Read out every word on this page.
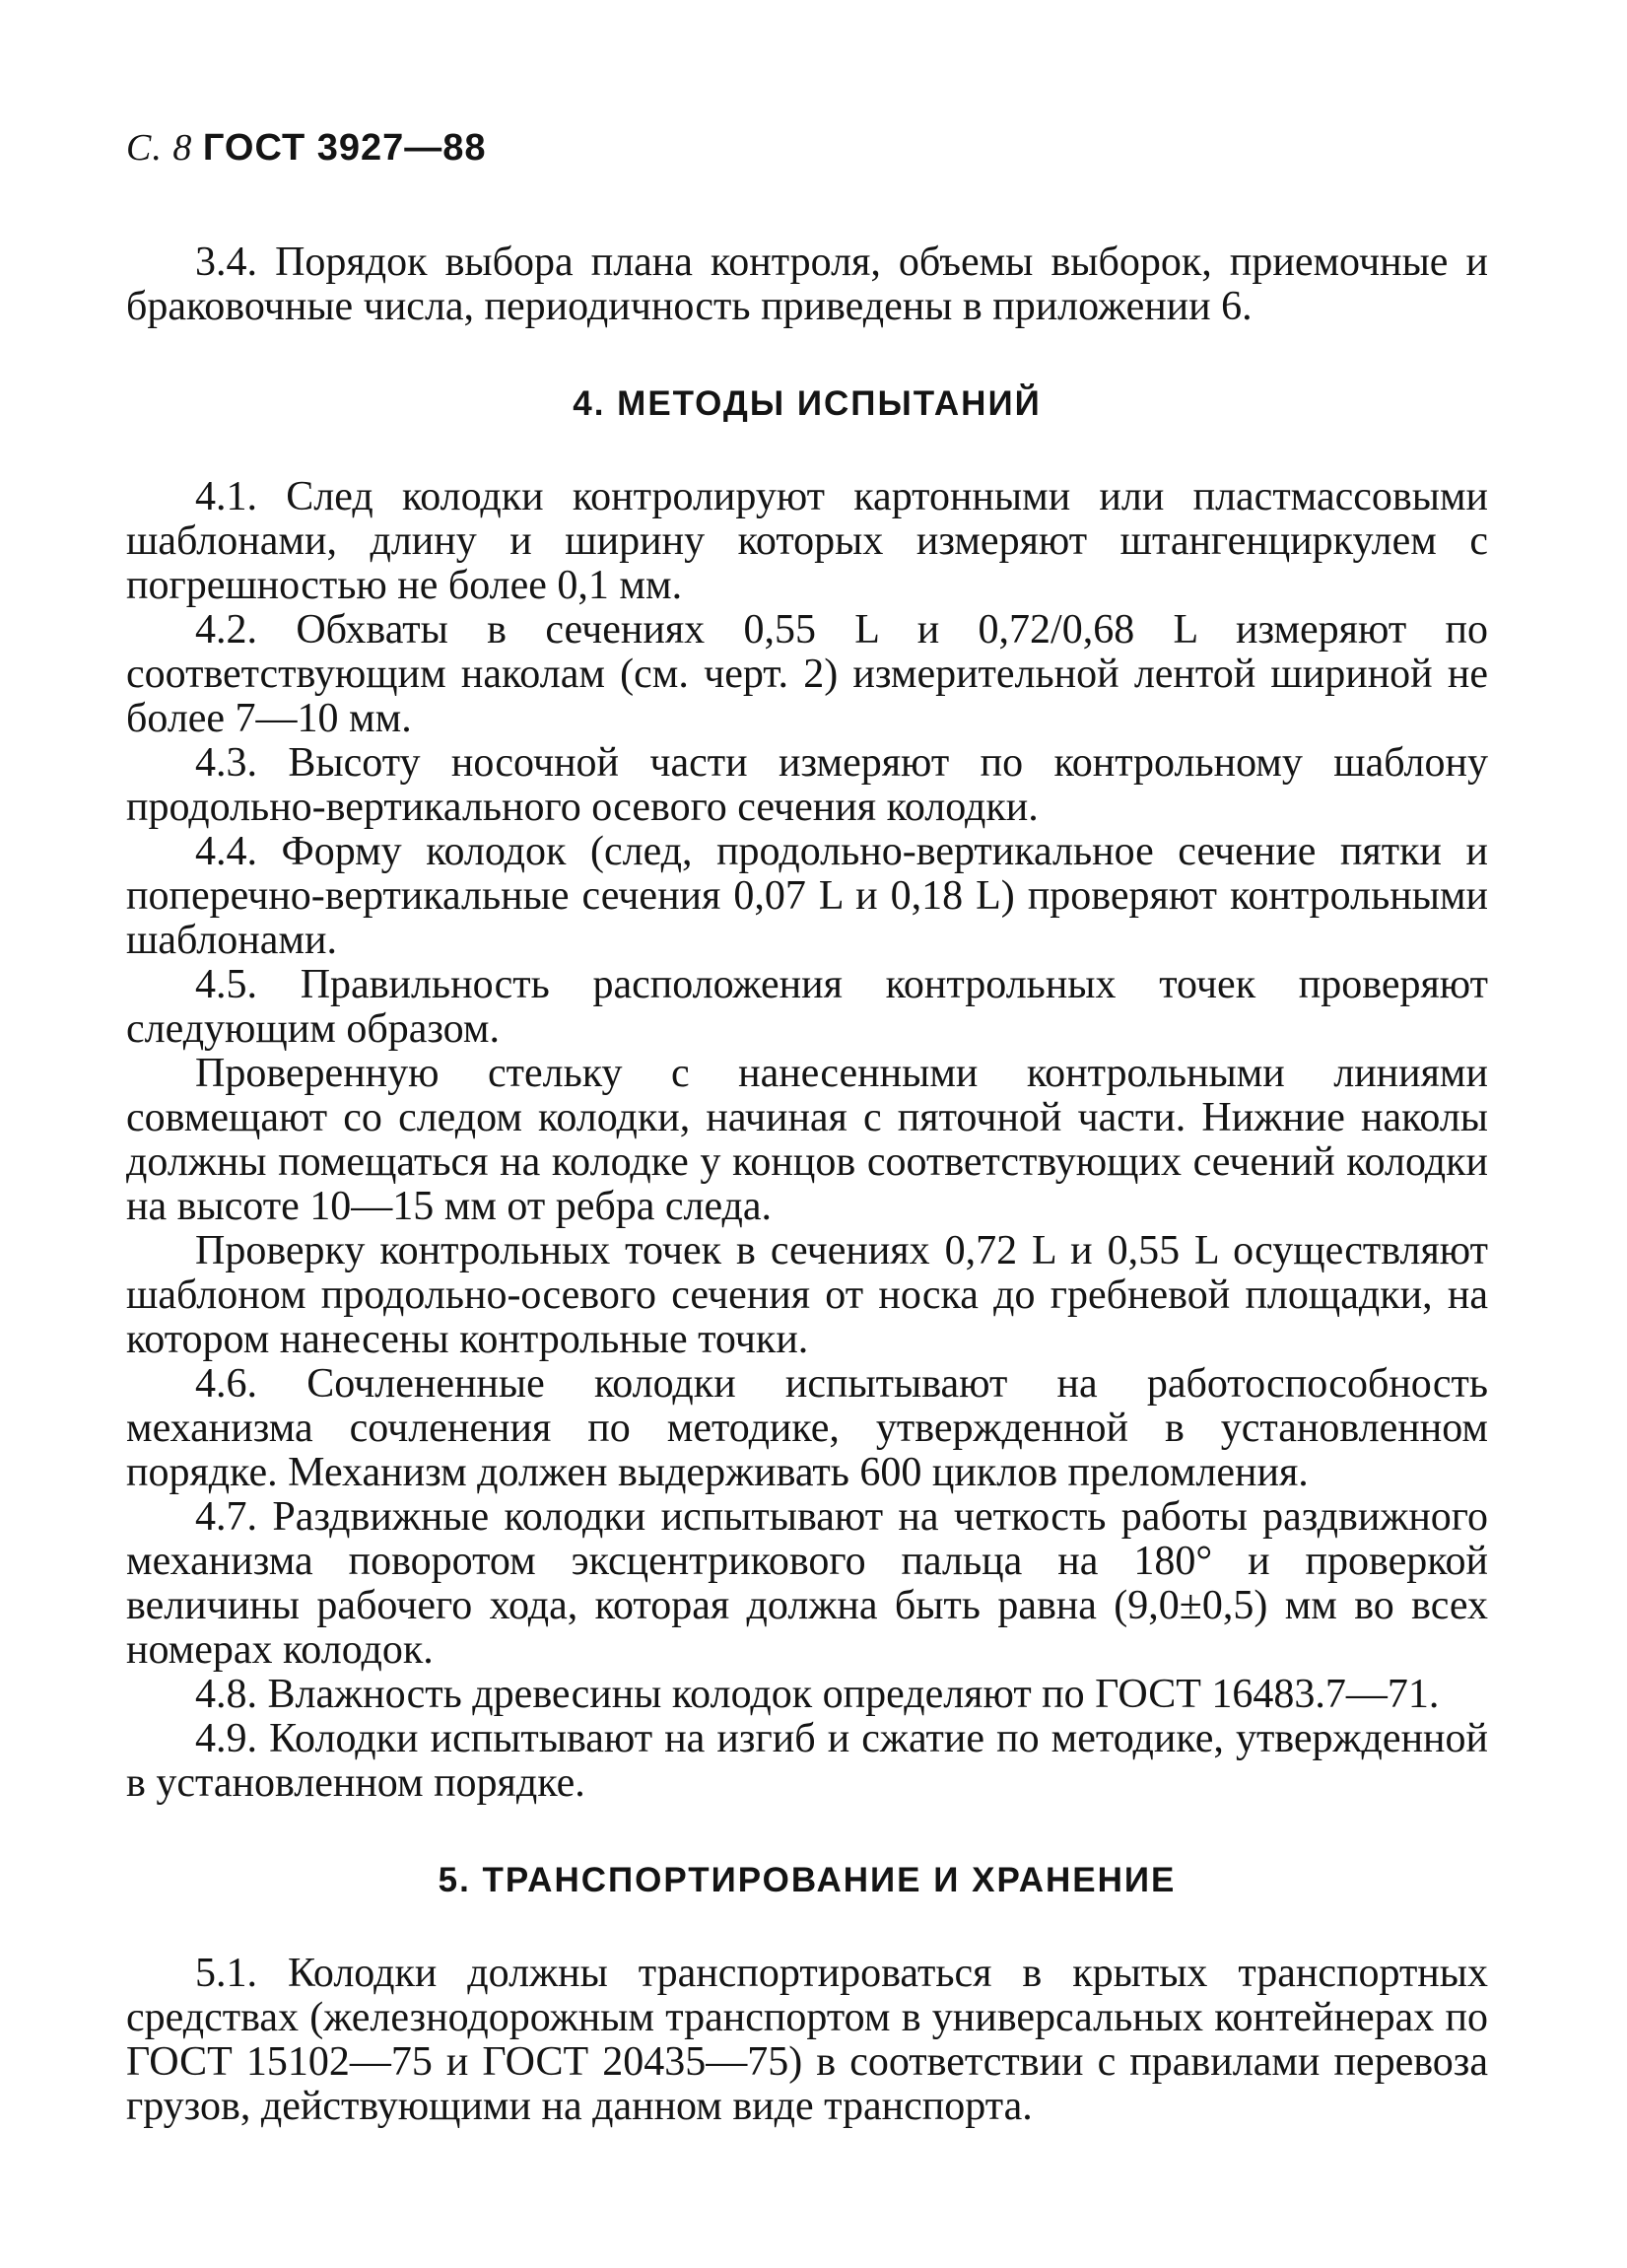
С. 8 ГОСТ 3927—88

3.4. Порядок выбора плана контроля, объемы выборок, приемочные и браковочные числа, периодичность приведены в приложении 6.

4. МЕТОДЫ ИСПЫТАНИЙ

4.1. След колодки контролируют картонными или пластмассовыми шаблонами, длину и ширину которых измеряют штангенциркулем с погрешностью не более 0,1 мм.

4.2. Обхваты в сечениях 0,55 L и 0,72/0,68 L измеряют по соответствующим наколам (см. черт. 2) измерительной лентой шириной не более 7—10 мм.

4.3. Высоту носочной части измеряют по контрольному шаблону продольно-вертикального осевого сечения колодки.

4.4. Форму колодок (след, продольно-вертикальное сечение пятки и поперечно-вертикальные сечения 0,07 L и 0,18 L) проверяют контрольными шаблонами.

4.5. Правильность расположения контрольных точек проверяют следующим образом.

Проверенную стельку с нанесенными контрольными линиями совмещают со следом колодки, начиная с пяточной части. Нижние наколы должны помещаться на колодке у концов соответствующих сечений колодки на высоте 10—15 мм от ребра следа.

Проверку контрольных точек в сечениях 0,72 L и 0,55 L осуществляют шаблоном продольно-осевого сечения от носка до гребневой площадки, на котором нанесены контрольные точки.

4.6. Сочлененные колодки испытывают на работоспособность механизма сочленения по методике, утвержденной в установленном порядке. Механизм должен выдерживать 600 циклов преломления.

4.7. Раздвижные колодки испытывают на четкость работы раздвижного механизма поворотом эксцентрикового пальца на 180° и проверкой величины рабочего хода, которая должна быть равна (9,0±0,5) мм во всех номерах колодок.

4.8. Влажность древесины колодок определяют по ГОСТ 16483.7—71.

4.9. Колодки испытывают на изгиб и сжатие по методике, утвержденной в установленном порядке.

5. ТРАНСПОРТИРОВАНИЕ И ХРАНЕНИЕ

5.1. Колодки должны транспортироваться в крытых транспортных средствах (железнодорожным транспортом в универсальных контейнерах по ГОСТ 15102—75 и ГОСТ 20435—75) в соответствии с правилами перевоза грузов, действующими на данном виде транспорта.
